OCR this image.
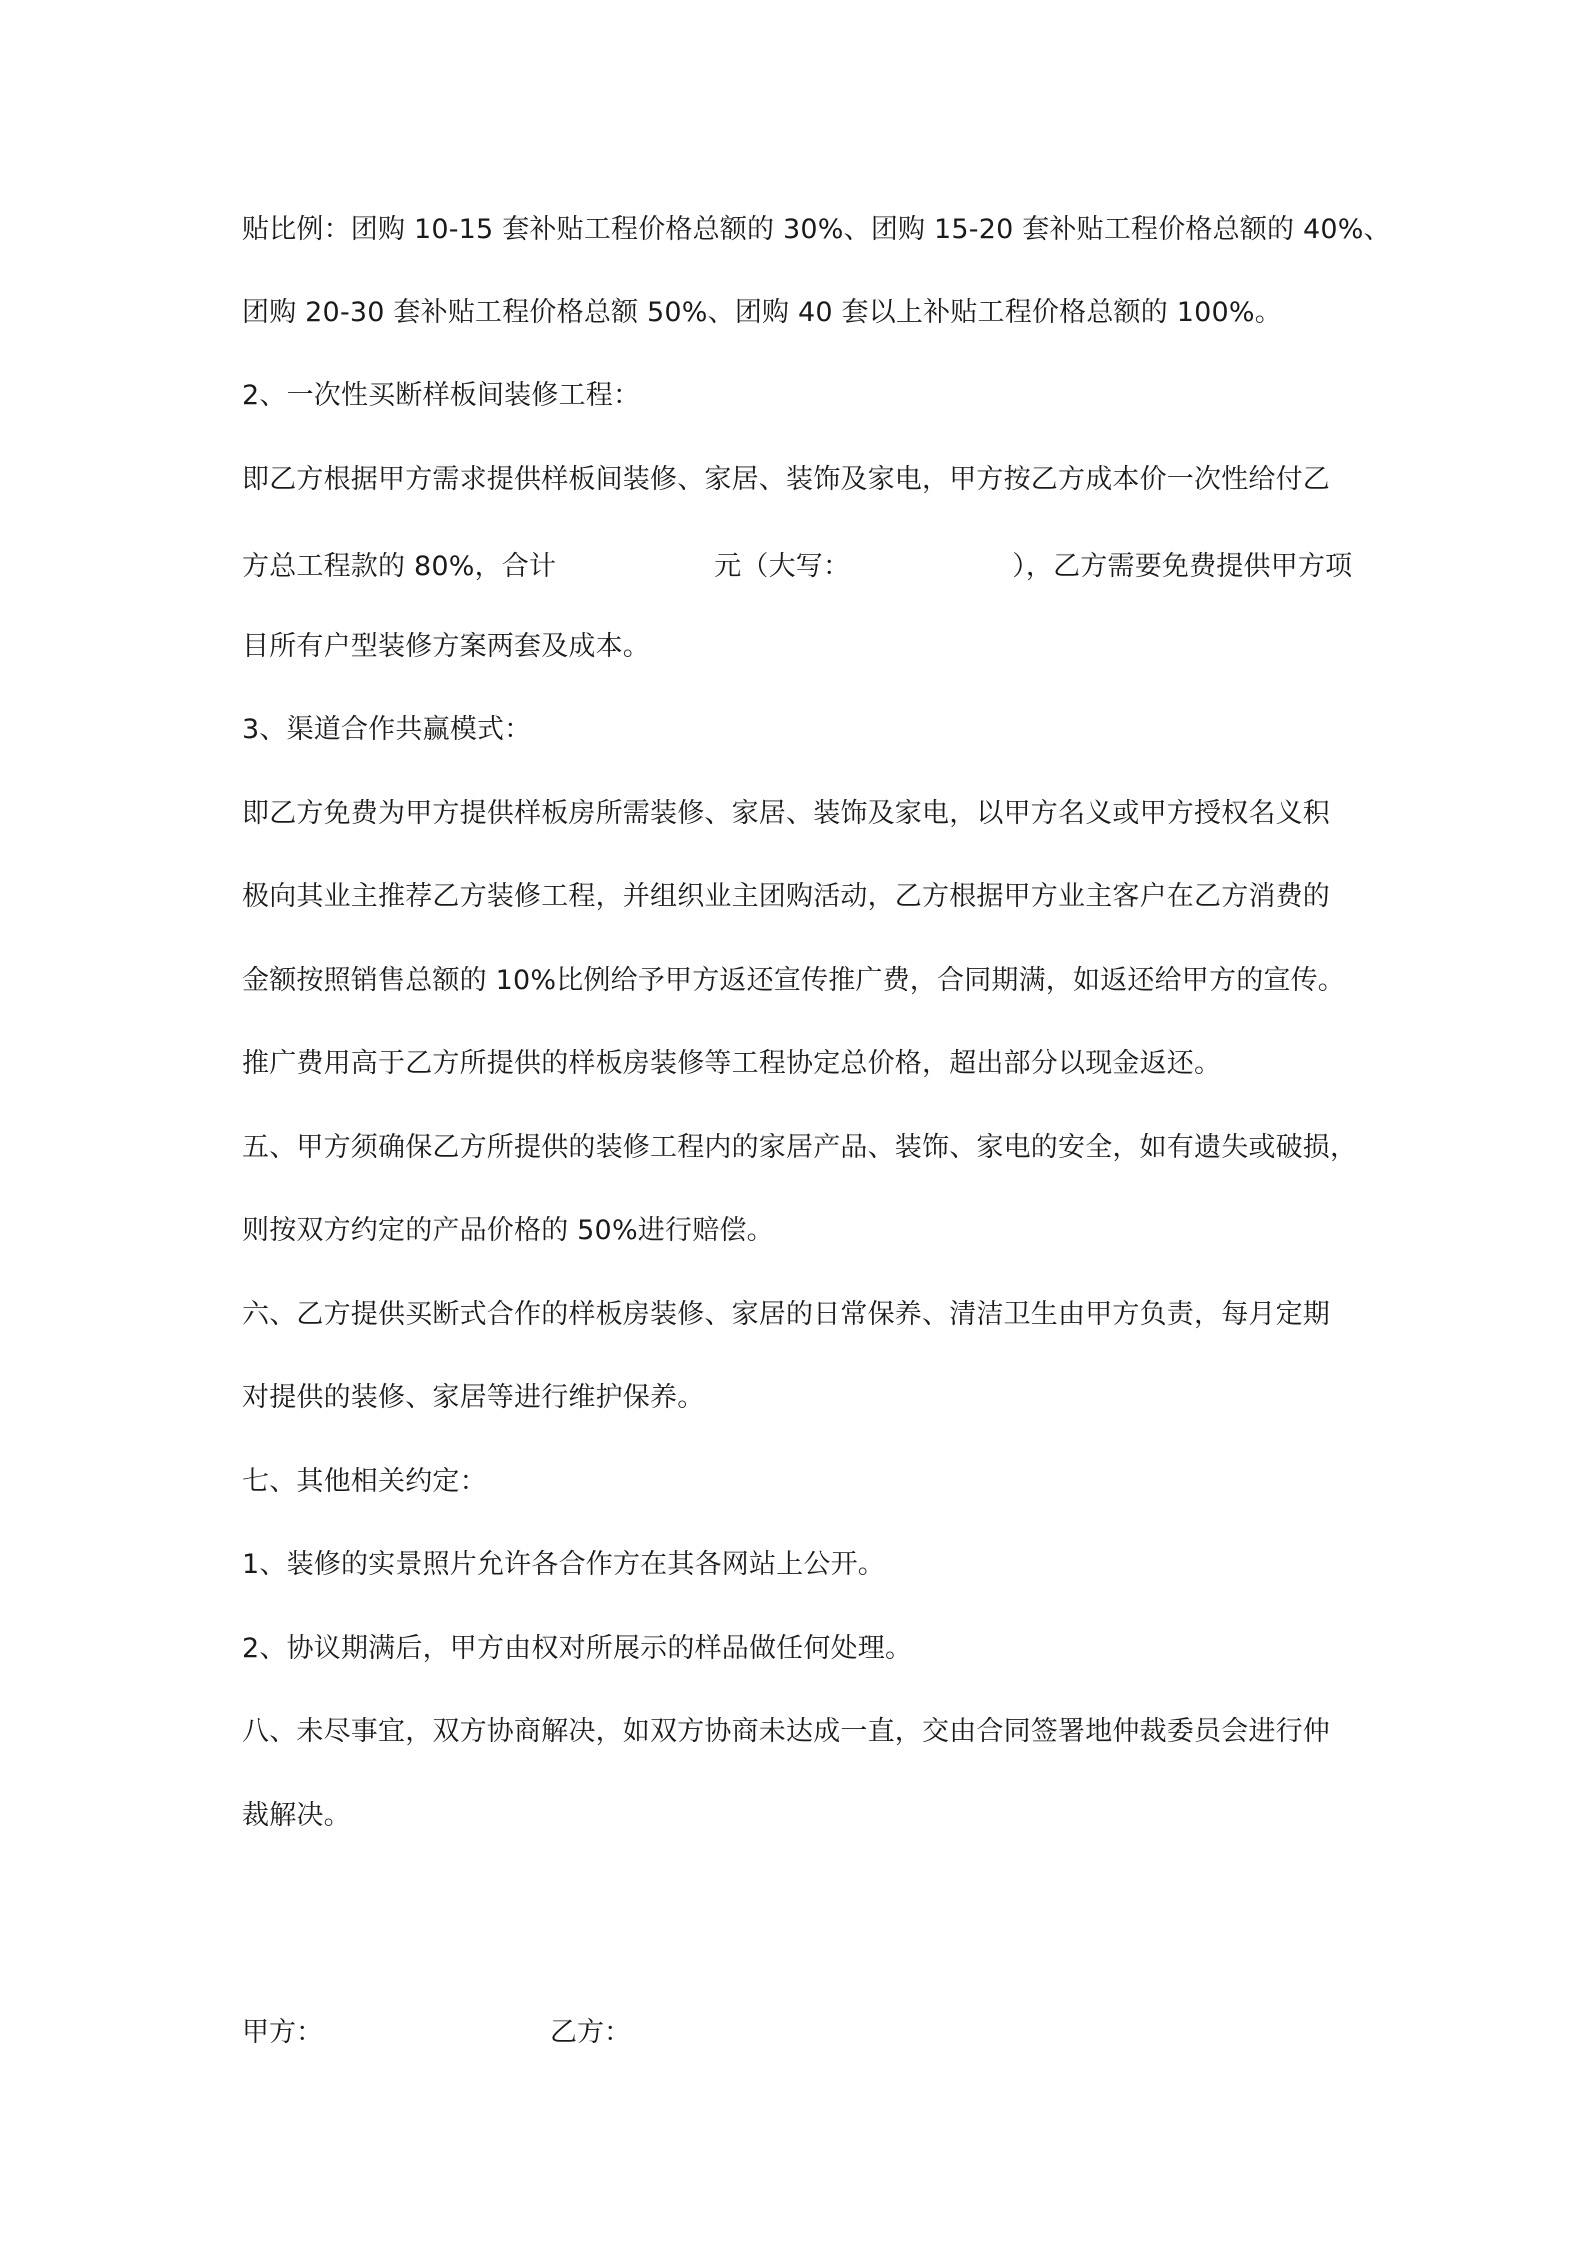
贴比例：团购 10-15 套补贴工程价格总额的 30%、团购 15-20 套补贴工程价格总额的 40%、
团购 20-30 套补贴工程价格总额 50%、团购 40 套以上补贴工程价格总额的 100%。
2、一次性买断样板间装修工程：
即乙方根据甲方需求提供样板间装修、家居、装饰及家电，甲方按乙方成本价一次性给付乙
方总工程款的 80%，合计	元（大写：	），乙方需要免费提供甲方项
目所有户型装修方案两套及成本。
3、渠道合作共赢模式：
即乙方免费为甲方提供样板房所需装修、家居、装饰及家电，以甲方名义或甲方授权名义积
极向其业主推荐乙方装修工程，并组织业主团购活动，乙方根据甲方业主客户在乙方消费的
金额按照销售总额的 10%比例给予甲方返还宣传推广费，合同期满，如返还给甲方的宣传。
推广费用高于乙方所提供的样板房装修等工程协定总价格，超出部分以现金返还。
五、甲方须确保乙方所提供的装修工程内的家居产品、装饰、家电的安全，如有遗失或破损，
则按双方约定的产品价格的 50%进行赔偿。
六、乙方提供买断式合作的样板房装修、家居的日常保养、清洁卫生由甲方负责，每月定期
对提供的装修、家居等进行维护保养。
七、其他相关约定：
1、装修的实景照片允许各合作方在其各网站上公开。
2、协议期满后，甲方由权对所展示的样品做任何处理。
八、未尽事宜，双方协商解决，如双方协商未达成一直，交由合同签署地仲裁委员会进行仲
裁解决。
甲方：	乙方：
